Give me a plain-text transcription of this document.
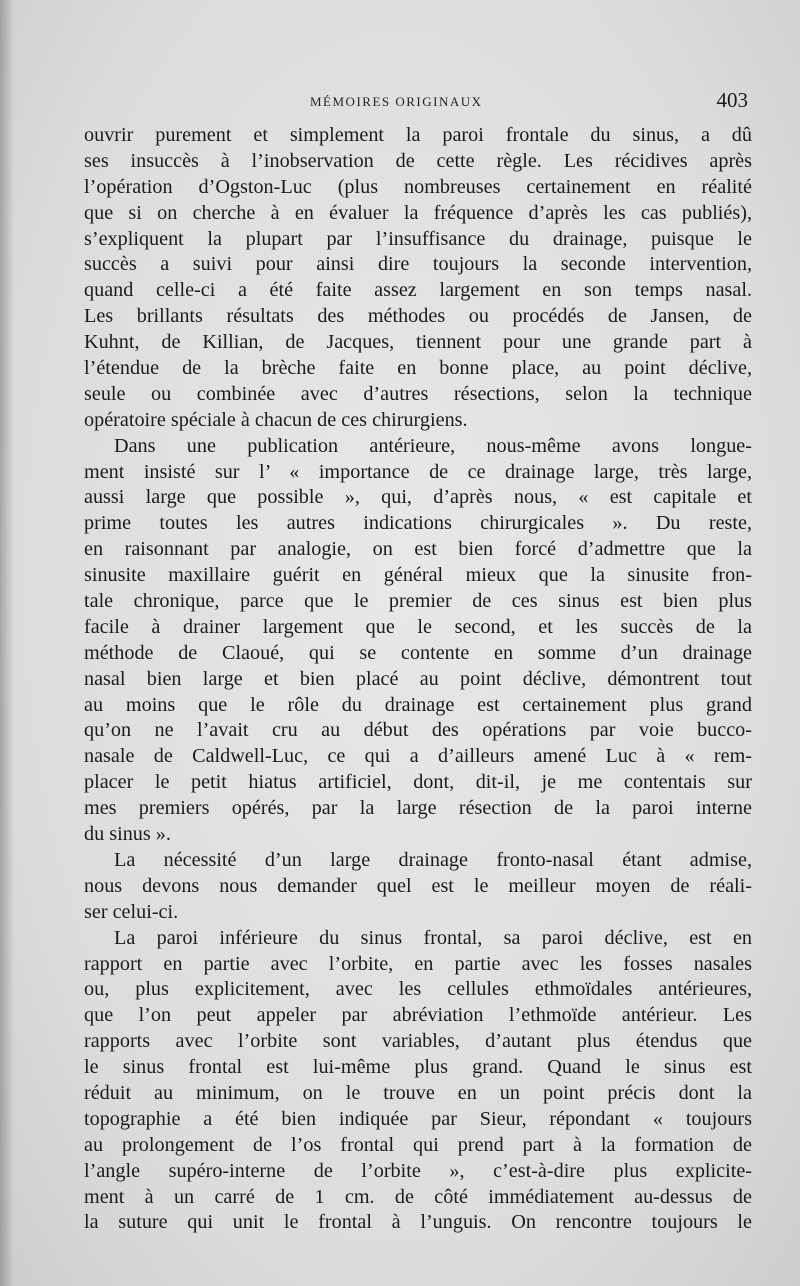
MÉMOIRES ORIGINAUX	403
ouvrir purement et simplement la paroi frontale du sinus, a dû
ses insuccès à l’inobservation de cette règle. Les récidives après
l’opération d’Ogston-Luc (plus nombreuses certainement en réalité
que si on cherche à en évaluer la fréquence d’après les cas publiés),
s’expliquent la plupart par l’insuffisance du drainage, puisque le
succès a suivi pour ainsi dire toujours la seconde intervention,
quand celle-ci a été faite assez largement en son temps nasal.
Les brillants résultats des méthodes ou procédés de Jansen, de
Kuhnt, de Killian, de Jacques, tiennent pour une grande part à
l’étendue de la brèche faite en bonne place, au point déclive,
seule ou combinée avec d’autres résections, selon la technique
opératoire spéciale à chacun de ces chirurgiens.
Dans une publication antérieure, nous-même avons longue-
ment insisté sur l’ « importance de ce drainage large, très large,
aussi large que possible », qui, d’après nous, « est capitale et
prime toutes les autres indications chirurgicales ». Du reste,
en raisonnant par analogie, on est bien forcé d’admettre que la
sinusite maxillaire guérit en général mieux que la sinusite fron-
tale chronique, parce que le premier de ces sinus est bien plus
facile à drainer largement que le second, et les succès de la
méthode de Claoué, qui se contente en somme d’un drainage
nasal bien large et bien placé au point déclive, démontrent tout
au moins que le rôle du drainage est certainement plus grand
qu’on ne l’avait cru au début des opérations par voie bucco-
nasale de Caldwell-Luc, ce qui a d’ailleurs amené Luc à « rem-
placer le petit hiatus artificiel, dont, dit-il, je me contentais sur
mes premiers opérés, par la large résection de la paroi interne
du sinus ».
La nécessité d’un large drainage fronto-nasal étant admise,
nous devons nous demander quel est le meilleur moyen de réali-
ser celui-ci.
La paroi inférieure du sinus frontal, sa paroi déclive, est en
rapport en partie avec l’orbite, en partie avec les fosses nasales
ou, plus explicitement, avec les cellules ethmoïdales antérieures,
que l’on peut appeler par abréviation l’ethmoïde antérieur. Les
rapports avec l’orbite sont variables, d’autant plus étendus que
le sinus frontal est lui-même plus grand. Quand le sinus est
réduit au minimum, on le trouve en un point précis dont la
topographie a été bien indiquée par Sieur, répondant « toujours
au prolongement de l’os frontal qui prend part à la formation de
l’angle supéro-interne de l’orbite », c’est-à-dire plus explicite-
ment à un carré de 1 cm. de côté immédiatement au-dessus de
la suture qui unit le frontal à l’unguis. On rencontre toujours le
